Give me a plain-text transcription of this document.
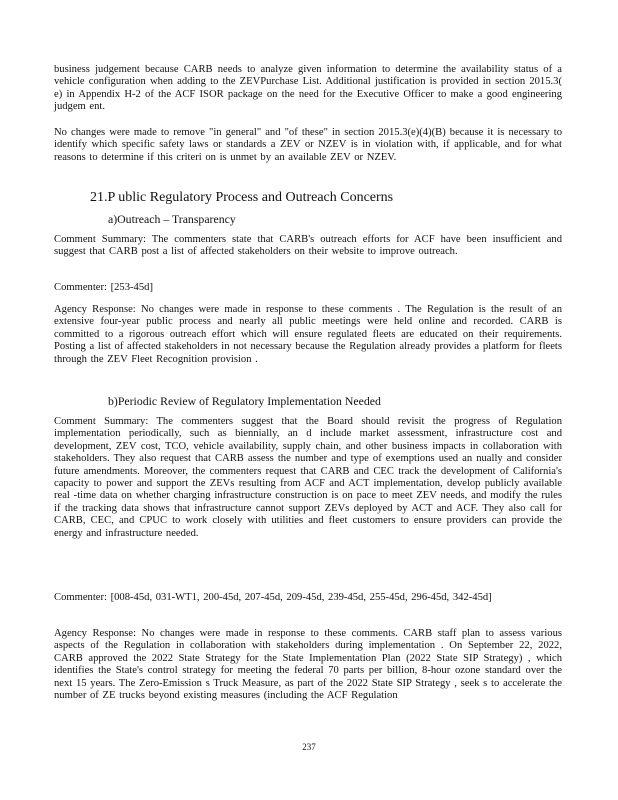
business judgement because CARB needs to analyze given information to determine the availability status of a vehicle configuration when adding to the ZEVPurchase List. Additional justification is provided in section 2015.3( e) in Appendix H-2 of the ACF ISOR package on the need for the Executive Officer to make a good engineering judgem ent.

No changes were made to remove "in general" and "of these" in section 2015.3(e)(4)(B) because it is necessary to identify which specific safety laws or standards a ZEV or NZEV is in violation with, if applicable, and for what reasons to determine if this criteri on is unmet by an available ZEV or NZEV.

21.P ublic Regulatory Process and Outreach Concerns
a)Outreach – Transparency

Comment Summary: The commenters state that CARB's outreach efforts for ACF have been insufficient and suggest that CARB post a list of affected stakeholders on their website to improve outreach.

Commenter: [253-45d]

Agency Response: No changes were made in response to these comments . The Regulation is the result of an extensive four-year public process and nearly all public meetings were held online and recorded. CARB is committed to a rigorous outreach effort which will ensure regulated fleets are educated on their requirements. Posting a list of affected stakeholders in not necessary because the Regulation already provides a platform for fleets through the ZEV Fleet Recognition provision .

b)Periodic Review of Regulatory Implementation Needed

Comment Summary: The commenters suggest that the Board should revisit the progress of Regulation implementation periodically, such as biennially, an d include market assessment, infrastructure cost and development, ZEV cost, TCO, vehicle availability, supply chain, and other business impacts in collaboration with stakeholders. They also request that CARB assess the number and type of exemptions used an nually and consider future amendments. Moreover, the commenters request that CARB and CEC track the development of California's capacity to power and support the ZEVs resulting from ACF and ACT implementation, develop publicly available real -time data on whether charging infrastructure construction is on pace to meet ZEV needs, and modify the rules if the tracking data shows that infrastructure cannot support ZEVs deployed by ACT and ACF. They also call for CARB, CEC, and CPUC to work closely with utilities and fleet customers to ensure providers can provide the energy and infrastructure needed.

Commenter: [008-45d, 031-WT1, 200-45d, 207-45d, 209-45d, 239-45d, 255-45d, 296-45d, 342-45d]

Agency Response: No changes were made in response to these comments. CARB staff plan to assess various aspects of the Regulation in collaboration with stakeholders during implementation . On September 22, 2022, CARB approved the 2022 State Strategy for the State Implementation Plan (2022 State SIP Strategy) , which identifies the State's control strategy for meeting the federal 70 parts per billion, 8-hour ozone standard over the next 15 years. The Zero-Emission s Truck Measure, as part of the 2022 State SIP Strategy , seek s to accelerate the number of ZE trucks beyond existing measures (including the ACF Regulation

237
